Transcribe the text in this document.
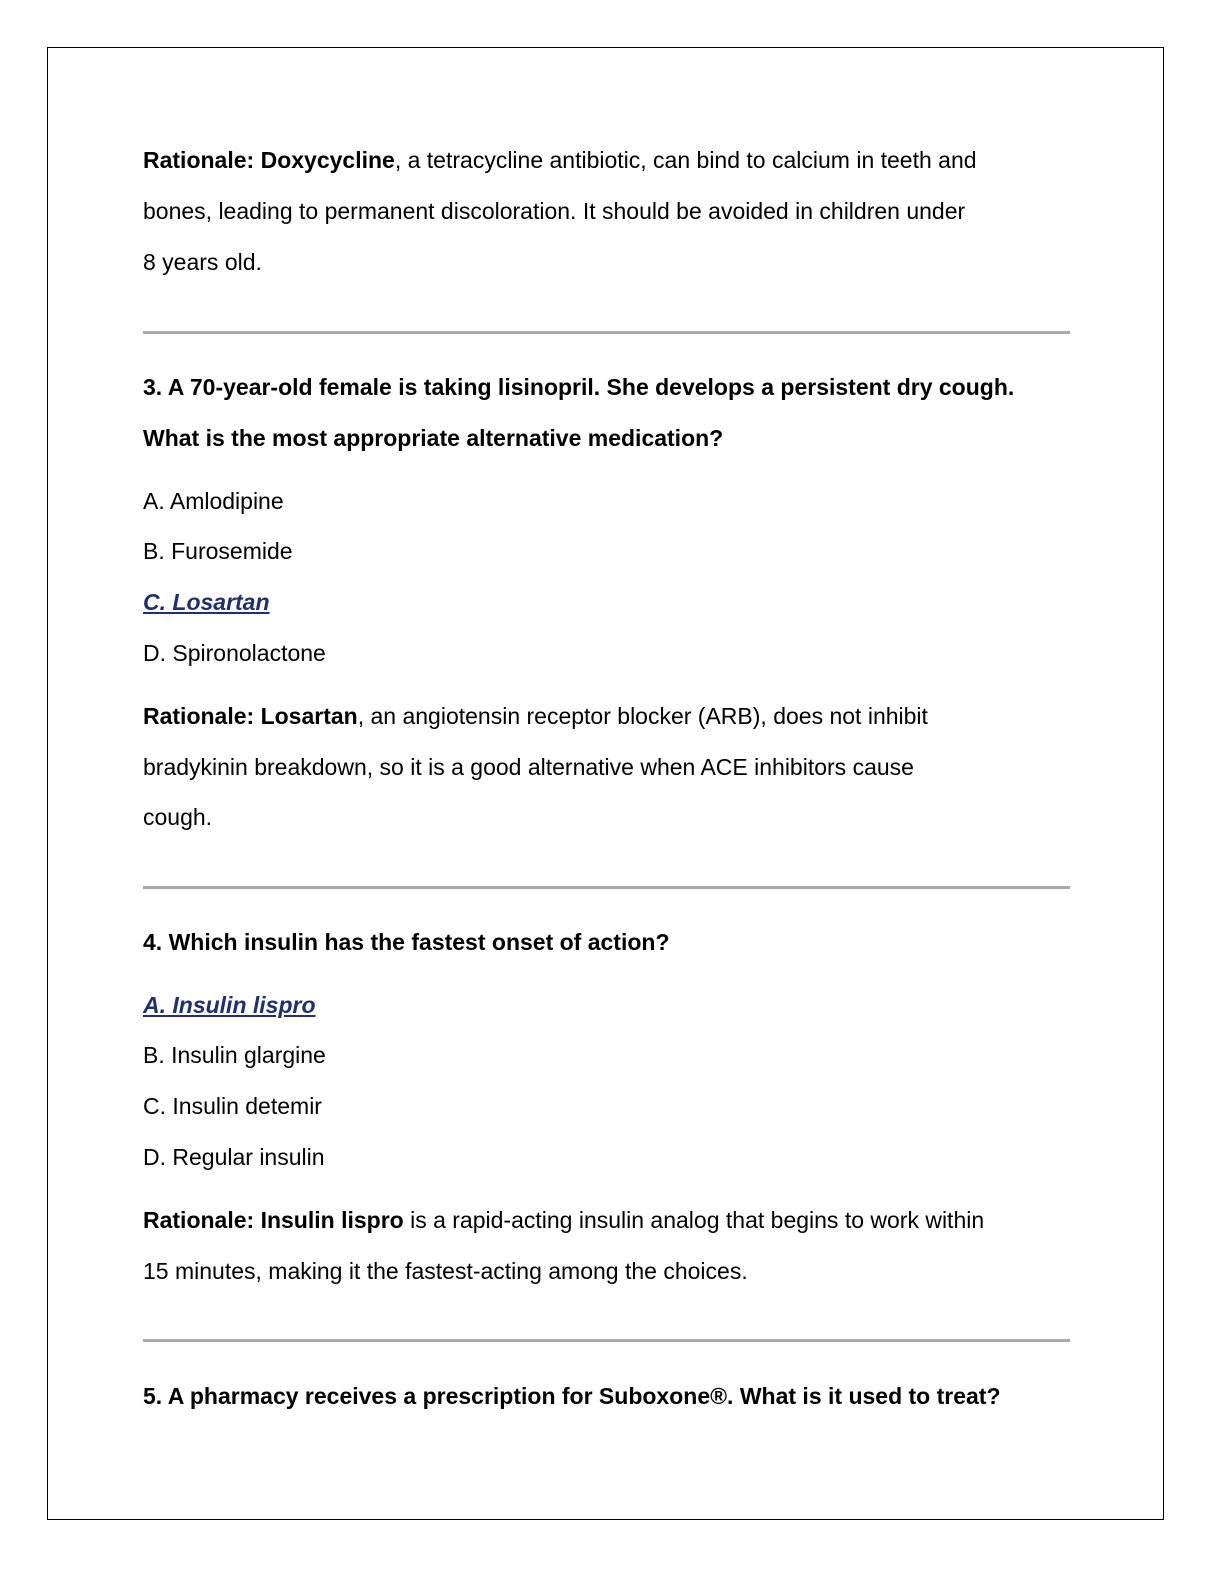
Rationale: Doxycycline, a tetracycline antibiotic, can bind to calcium in teeth and
bones, leading to permanent discoloration. It should be avoided in children under
8 years old.
3. A 70-year-old female is taking lisinopril. She develops a persistent dry cough.
What is the most appropriate alternative medication?
A. Amlodipine
B. Furosemide
C. Losartan
D. Spironolactone
Rationale: Losartan, an angiotensin receptor blocker (ARB), does not inhibit
bradykinin breakdown, so it is a good alternative when ACE inhibitors cause
cough.
4. Which insulin has the fastest onset of action?
A. Insulin lispro
B. Insulin glargine
C. Insulin detemir
D. Regular insulin
Rationale: Insulin lispro is a rapid-acting insulin analog that begins to work within
15 minutes, making it the fastest-acting among the choices.
5. A pharmacy receives a prescription for Suboxone®. What is it used to treat?
